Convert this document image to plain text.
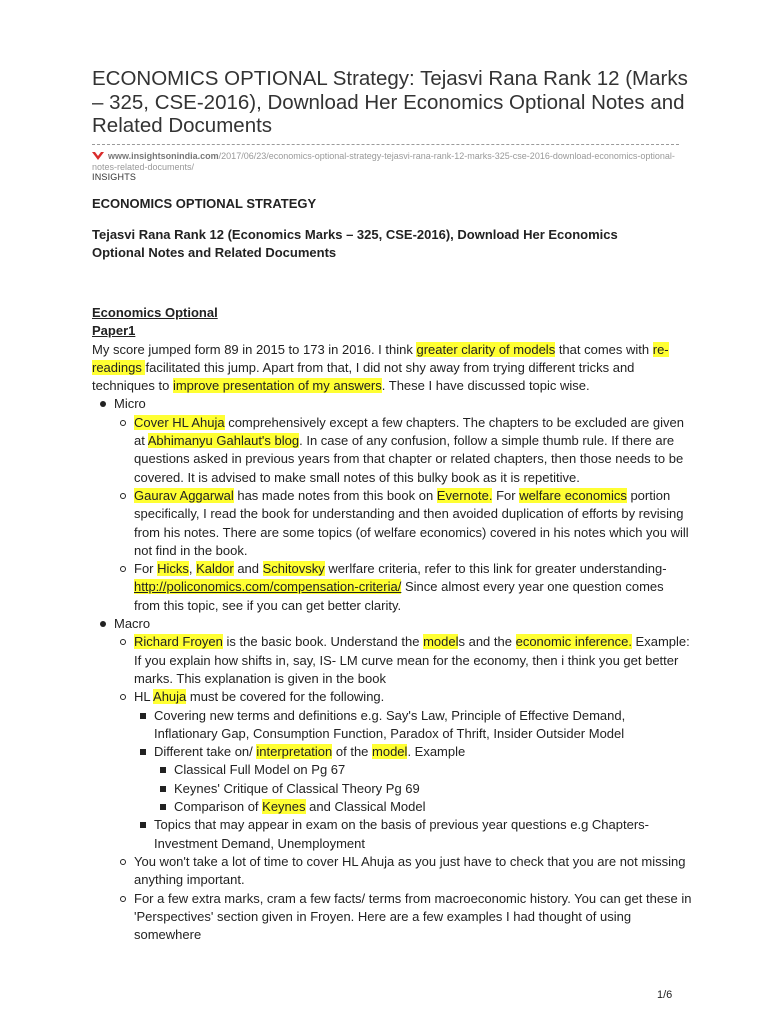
ECONOMICS OPTIONAL Strategy: Tejasvi Rana Rank 12 (Marks – 325, CSE-2016), Download Her Economics Optional Notes and Related Documents
www.insightsonindia.com/2017/06/23/economics-optional-strategy-tejasvi-rana-rank-12-marks-325-cse-2016-download-economics-optional-notes-related-documents/
INSIGHTS
ECONOMICS OPTIONAL STRATEGY
Tejasvi Rana Rank 12 (Economics Marks – 325, CSE-2016), Download Her Economics Optional Notes and Related Documents

Economics Optional

Paper1

My score jumped form 89 in 2015 to 173 in 2016. I think greater clarity of models that comes with re-readings facilitated this jump. Apart from that, I did not shy away from trying different tricks and techniques to improve presentation of my answers. These I have discussed topic wise.

Micro
Cover HL Ahuja comprehensively except a few chapters. The chapters to be excluded are given at Abhimanyu Gahlaut's blog. In case of any confusion, follow a simple thumb rule. If there are questions asked in previous years from that chapter or related chapters, then those needs to be covered. It is advised to make small notes of this bulky book as it is repetitive.
Gaurav Aggarwal has made notes from this book on Evernote. For welfare economics portion specifically, I read the book for understanding and then avoided duplication of efforts by revising from his notes. There are some topics (of welfare economics) covered in his notes which you will not find in the book.
For Hicks, Kaldor and Schitovsky werlfare criteria, refer to this link for greater understanding- http://policonomics.com/compensation-criteria/ Since almost every year one question comes from this topic, see if you can get better clarity.
Macro
Richard Froyen is the basic book. Understand the models and the economic inference. Example: If you explain how shifts in, say, IS- LM curve mean for the economy, then i think you get better marks. This explanation is given in the book
HL Ahuja must be covered for the following.
Covering new terms and definitions e.g. Say's Law, Principle of Effective Demand, Inflationary Gap, Consumption Function, Paradox of Thrift, Insider Outsider Model
Different take on/ interpretation of the model. Example
Classical Full Model on Pg 67
Keynes' Critique of Classical Theory Pg 69
Comparison of Keynes and Classical Model
Topics that may appear in exam on the basis of previous year questions e.g Chapters- Investment Demand, Unemployment
You won't take a lot of time to cover HL Ahuja as you just have to check that you are not missing anything important.
For a few extra marks, cram a few facts/ terms from macroeconomic history. You can get these in 'Perspectives' section given in Froyen. Here are a few examples I had thought of using somewhere
1/6
